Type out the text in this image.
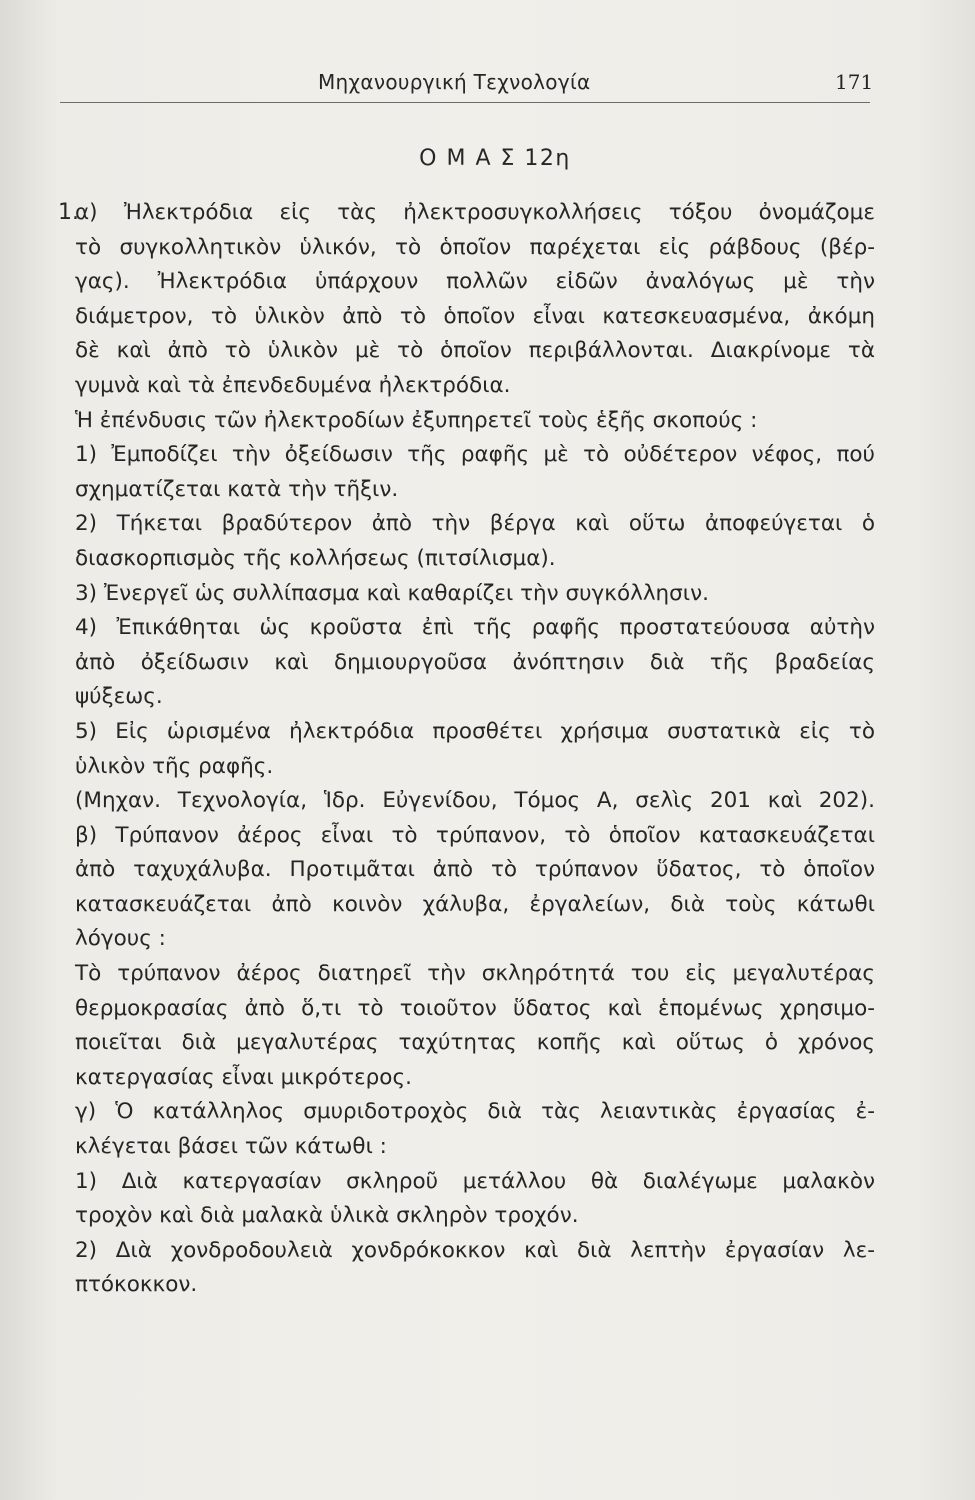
Μηχανουργική Τεχνολογία	171
Ο Μ Α Σ 12η
1.
α) Ἠλεκτρόδια εἰς τὰς ἠλεκτροσυγκολλήσεις τόξου ὀνομάζομε
τὸ συγκολλητικὸν ὑλικόν, τὸ ὁποῖον παρέχεται εἰς ράβδους (βέρ-
γας). Ἠλεκτρόδια ὑπάρχουν πολλῶν εἰδῶν ἀναλόγως μὲ τὴν
διάμετρον, τὸ ὑλικὸν ἀπὸ τὸ ὁποῖον εἶναι κατεσκευασμένα, ἀκόμη
δὲ καὶ ἀπὸ τὸ ὑλικὸν μὲ τὸ ὁποῖον περιβάλλονται. Διακρίνομε τὰ
γυμνὰ καὶ τὰ ἐπενδεδυμένα ἠλεκτρόδια.
Ἡ ἐπένδυσις τῶν ἠλεκτροδίων ἐξυπηρετεῖ τοὺς ἑξῆς σκοπούς :
1) Ἐμποδίζει τὴν ὀξείδωσιν τῆς ραφῆς μὲ τὸ οὐδέτερον νέφος, πού
σχηματίζεται κατὰ τὴν τῆξιν.
2) Τήκεται βραδύτερον ἀπὸ τὴν βέργα καὶ οὕτω ἀποφεύγεται ὁ
διασκορπισμὸς τῆς κολλήσεως (πιτσίλισμα).
3) Ἐνεργεῖ ὡς συλλίπασμα καὶ καθαρίζει τὴν συγκόλλησιν.
4) Ἐπικάθηται ὡς κροῦστα ἐπὶ τῆς ραφῆς προστατεύουσα αὐτὴν
ἀπὸ ὀξείδωσιν καὶ δημιουργοῦσα ἀνόπτησιν διὰ τῆς βραδείας
ψύξεως.
5) Εἰς ὡρισμένα ἠλεκτρόδια προσθέτει χρήσιμα συστατικὰ εἰς τὸ
ὑλικὸν τῆς ραφῆς.
(Μηχαν. Τεχνολογία, Ἱδρ. Εὐγενίδου, Τόμος Α, σελὶς 201 καὶ 202).
β) Τρύπανον ἀέρος εἶναι τὸ τρύπανον, τὸ ὁποῖον κατασκευάζεται
ἀπὸ ταχυχάλυβα. Προτιμᾶται ἀπὸ τὸ τρύπανον ὕδατος, τὸ ὁποῖον
κατασκευάζεται ἀπὸ κοινὸν χάλυβα, ἐργαλείων, διὰ τοὺς κάτωθι
λόγους :
Τὸ τρύπανον ἀέρος διατηρεῖ τὴν σκληρότητά του εἰς μεγαλυτέρας
θερμοκρασίας ἀπὸ ὅ,τι τὸ τοιοῦτον ὕδατος καὶ ἑπομένως χρησιμο-
ποιεῖται διὰ μεγαλυτέρας ταχύτητας κοπῆς καὶ οὕτως ὁ χρόνος
κατεργασίας εἶναι μικρότερος.
γ) Ὁ κατάλληλος σμυριδοτροχὸς διὰ τὰς λειαντικὰς ἐργασίας ἐ-
κλέγεται βάσει τῶν κάτωθι :
1) Διὰ κατεργασίαν σκληροῦ μετάλλου θὰ διαλέγωμε μαλακὸν
τροχὸν καὶ διὰ μαλακὰ ὑλικὰ σκληρὸν τροχόν.
2) Διὰ χονδροδουλειὰ χονδρόκοκκον καὶ διὰ λεπτὴν ἐργασίαν λε-
πτόκοκκον.
